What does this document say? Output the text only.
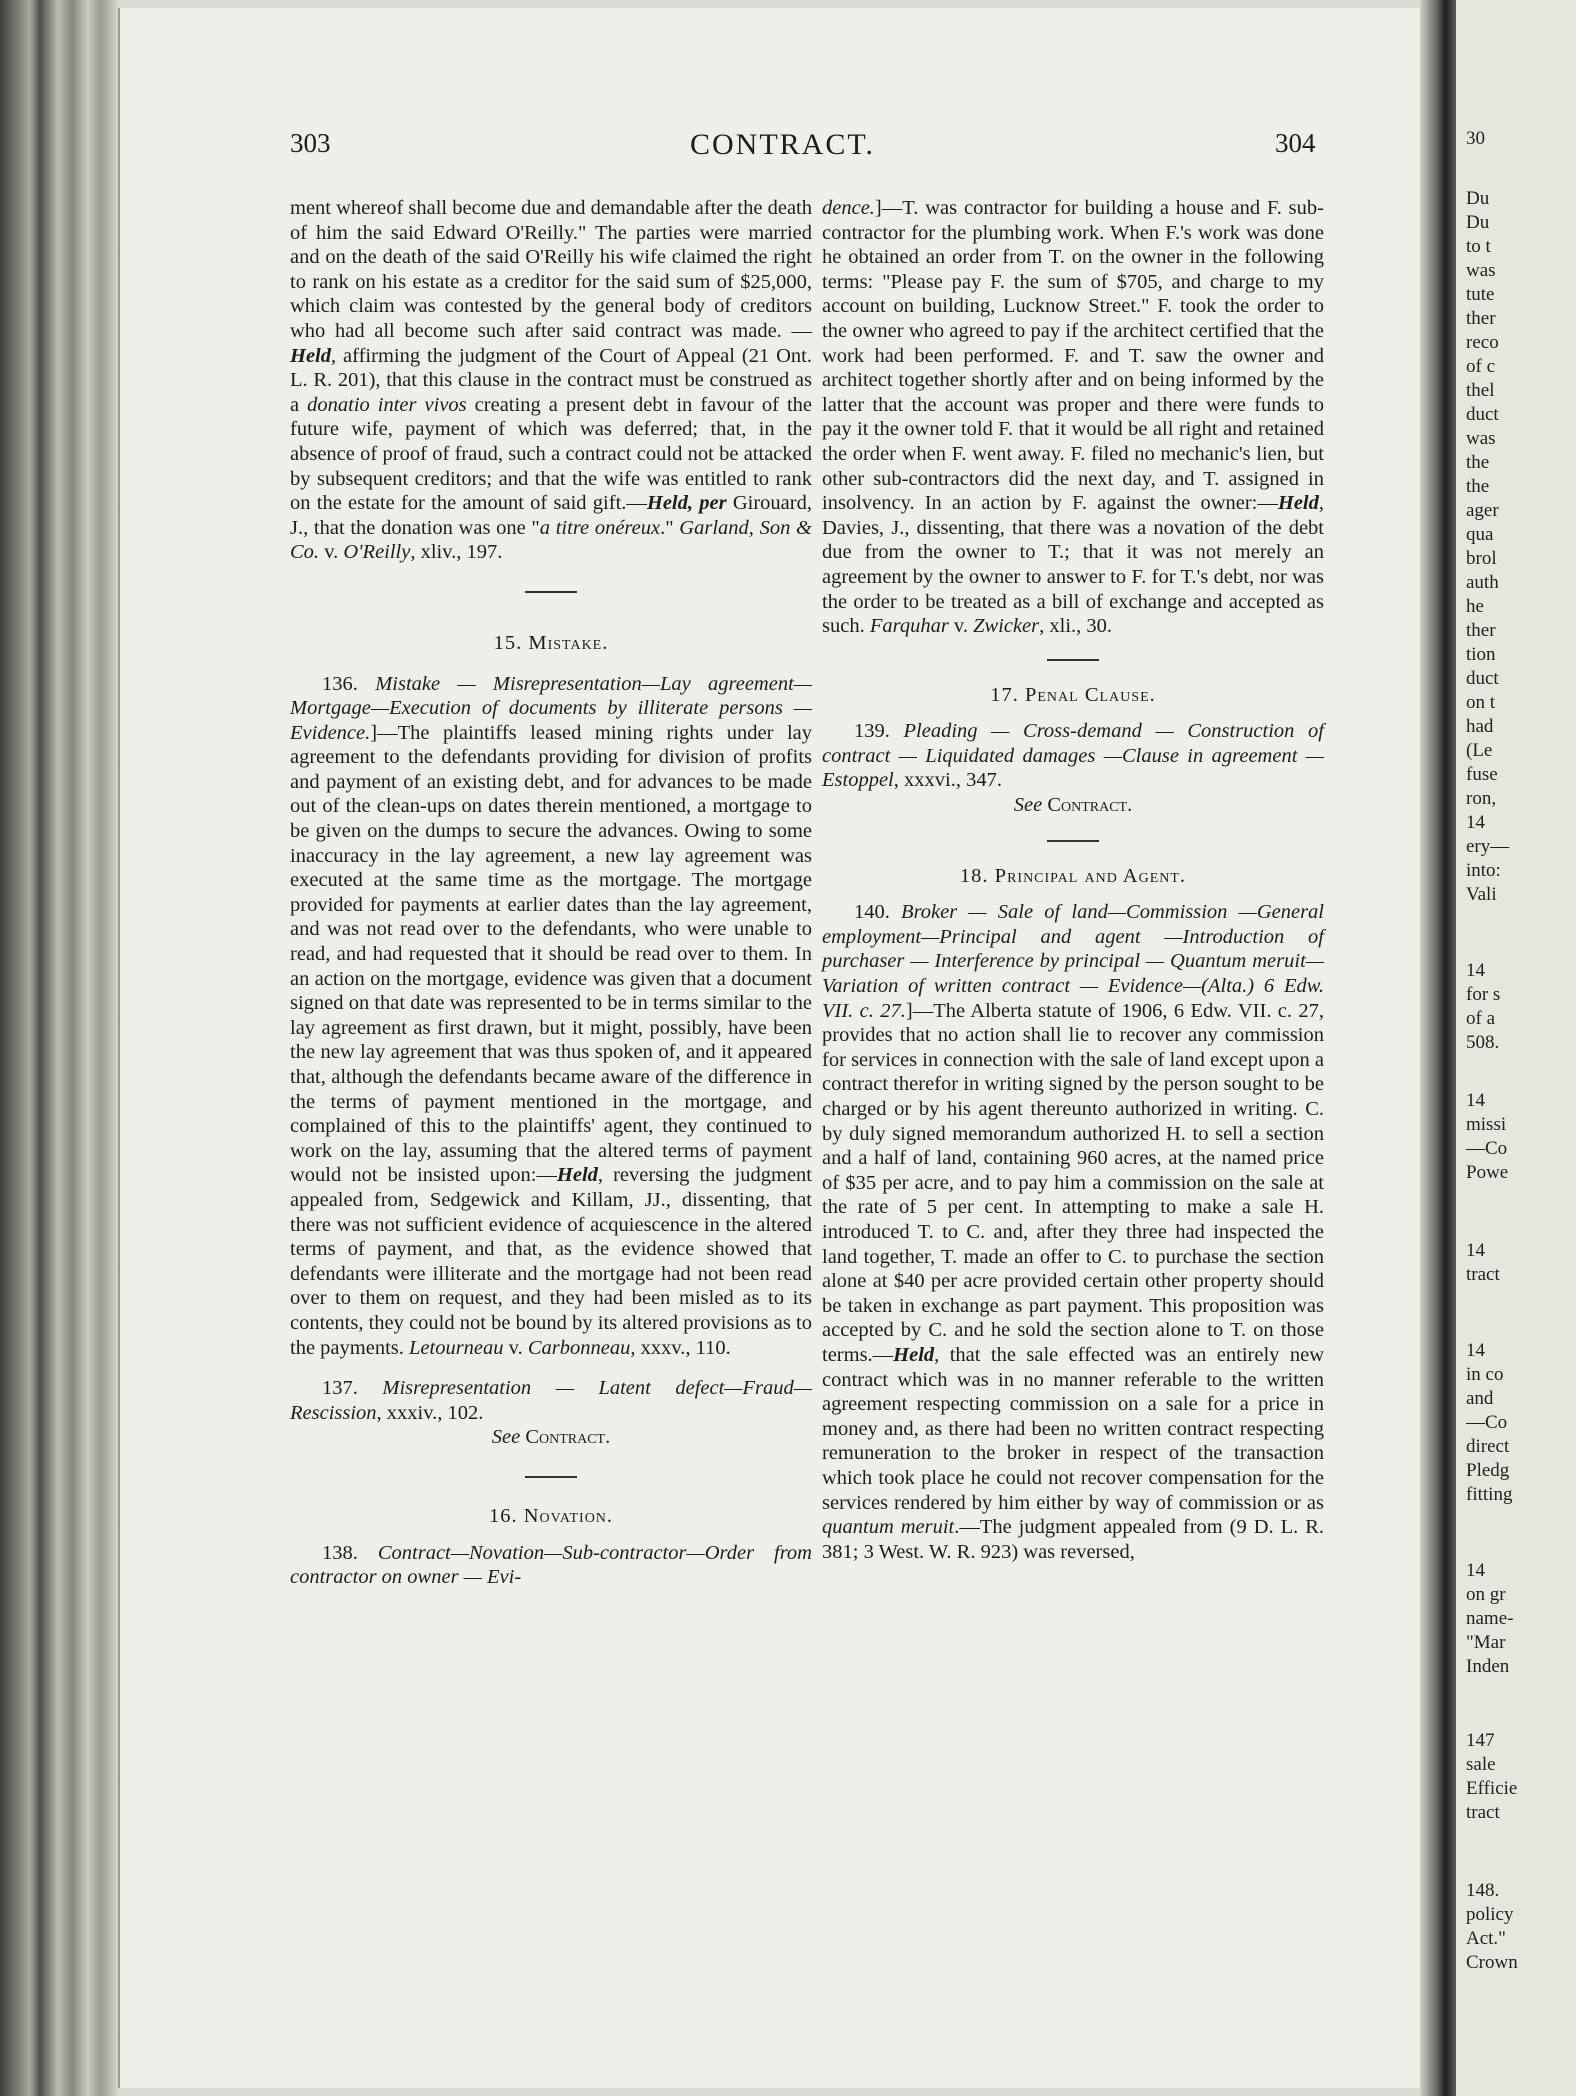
303	CONTRACT.	304

ment whereof shall become due and demandable after the death of him the said Edward O'Reilly." The parties were married and on the death of the said O'Reilly his wife claimed the right to rank on his estate as a creditor for the said sum of $25,000, which claim was contested by the general body of creditors who had all become such after said contract was made. — Held, affirming the judgment of the Court of Appeal (21 Ont. L. R. 201), that this clause in the contract must be construed as a donatio inter vivos creating a present debt in favour of the future wife, payment of which was deferred; that, in the absence of proof of fraud, such a contract could not be attacked by subsequent creditors; and that the wife was entitled to rank on the estate for the amount of said gift.—Held, per Girouard, J., that the donation was one "a titre onéreux." Garland, Son & Co. v. O'Reilly, xliv., 197.

15. Mistake.

136. Mistake — Misrepresentation—Lay agreement—Mortgage—Execution of documents by illiterate persons — Evidence.]—The plaintiffs leased mining rights under lay agreement to the defendants providing for division of profits and payment of an existing debt, and for advances to be made out of the clean-ups on dates therein mentioned, a mortgage to be given on the dumps to secure the advances. Owing to some inaccuracy in the lay agreement, a new lay agreement was executed at the same time as the mortgage. The mortgage provided for payments at earlier dates than the lay agreement, and was not read over to the defendants, who were unable to read, and had requested that it should be read over to them. In an action on the mortgage, evidence was given that a document signed on that date was represented to be in terms similar to the lay agreement as first drawn, but it might, possibly, have been the new lay agreement that was thus spoken of, and it appeared that, although the defendants became aware of the difference in the terms of payment mentioned in the mortgage, and complained of this to the plaintiffs' agent, they continued to work on the lay, assuming that the altered terms of payment would not be insisted upon:—Held, reversing the judgment appealed from, Sedgewick and Killam, JJ., dissenting, that there was not sufficient evidence of acquiescence in the altered terms of payment, and that, as the evidence showed that defendants were illiterate and the mortgage had not been read over to them on request, and they had been misled as to its contents, they could not be bound by its altered provisions as to the payments. Letourneau v. Carbonneau, xxxv., 110.

137. Misrepresentation — Latent defect—Fraud—Rescission, xxxiv., 102.

See Contract.

16. Novation.

138. Contract—Novation—Sub-contractor—Order from contractor on owner — Evi-

dence.]—T. was contractor for building a house and F. sub-contractor for the plumbing work. When F.'s work was done he obtained an order from T. on the owner in the following terms: "Please pay F. the sum of $705, and charge to my account on building, Lucknow Street." F. took the order to the owner who agreed to pay if the architect certified that the work had been performed. F. and T. saw the owner and architect together shortly after and on being informed by the latter that the account was proper and there were funds to pay it the owner told F. that it would be all right and retained the order when F. went away. F. filed no mechanic's lien, but other sub-contractors did the next day, and T. assigned in insolvency. In an action by F. against the owner:—Held, Davies, J., dissenting, that there was a novation of the debt due from the owner to T.; that it was not merely an agreement by the owner to answer to F. for T.'s debt, nor was the order to be treated as a bill of exchange and accepted as such. Farquhar v. Zwicker, xli., 30.

17. Penal Clause.

139. Pleading — Cross-demand — Construction of contract — Liquidated damages —Clause in agreement — Estoppel, xxxvi., 347.

See Contract.

18. Principal and Agent.

140. Broker — Sale of land—Commission —General employment—Principal and agent —Introduction of purchaser — Interference by principal — Quantum meruit—Variation of written contract — Evidence—(Alta.) 6 Edw. VII. c. 27.]—The Alberta statute of 1906, 6 Edw. VII. c. 27, provides that no action shall lie to recover any commission for services in connection with the sale of land except upon a contract therefor in writing signed by the person sought to be charged or by his agent thereunto authorized in writing. C. by duly signed memorandum authorized H. to sell a section and a half of land, containing 960 acres, at the named price of $35 per acre, and to pay him a commission on the sale at the rate of 5 per cent. In attempting to make a sale H. introduced T. to C. and, after they three had inspected the land together, T. made an offer to C. to purchase the section alone at $40 per acre provided certain other property should be taken in exchange as part payment. This proposition was accepted by C. and he sold the section alone to T. on those terms.—Held, that the sale effected was an entirely new contract which was in no manner referable to the written agreement respecting commission on a sale for a price in money and, as there had been no written contract respecting remuneration to the broker in respect of the transaction which took place he could not recover compensation for the services rendered by him either by way of commission or as quantum meruit.—The judgment appealed from (9 D. L. R. 381; 3 West. W. R. 923) was reversed,

30
Du
Du
to t
was
tute
ther
reco
of c
thel
duct
was
the
the
ager
qua
brol
auth
he
ther
tion
duct
on t
had
(Le
fuse
ron,
14
ery—
into:
Vali
14
for s
of a
508.
14
missi
—Co
Powe
14
tract
14
in co
and
—Co
direct
Pledg
fitting
14
on gr
name-
"Mar
Inden
147
sale
Efficie
tract
148.
policy
Act."
Crown
